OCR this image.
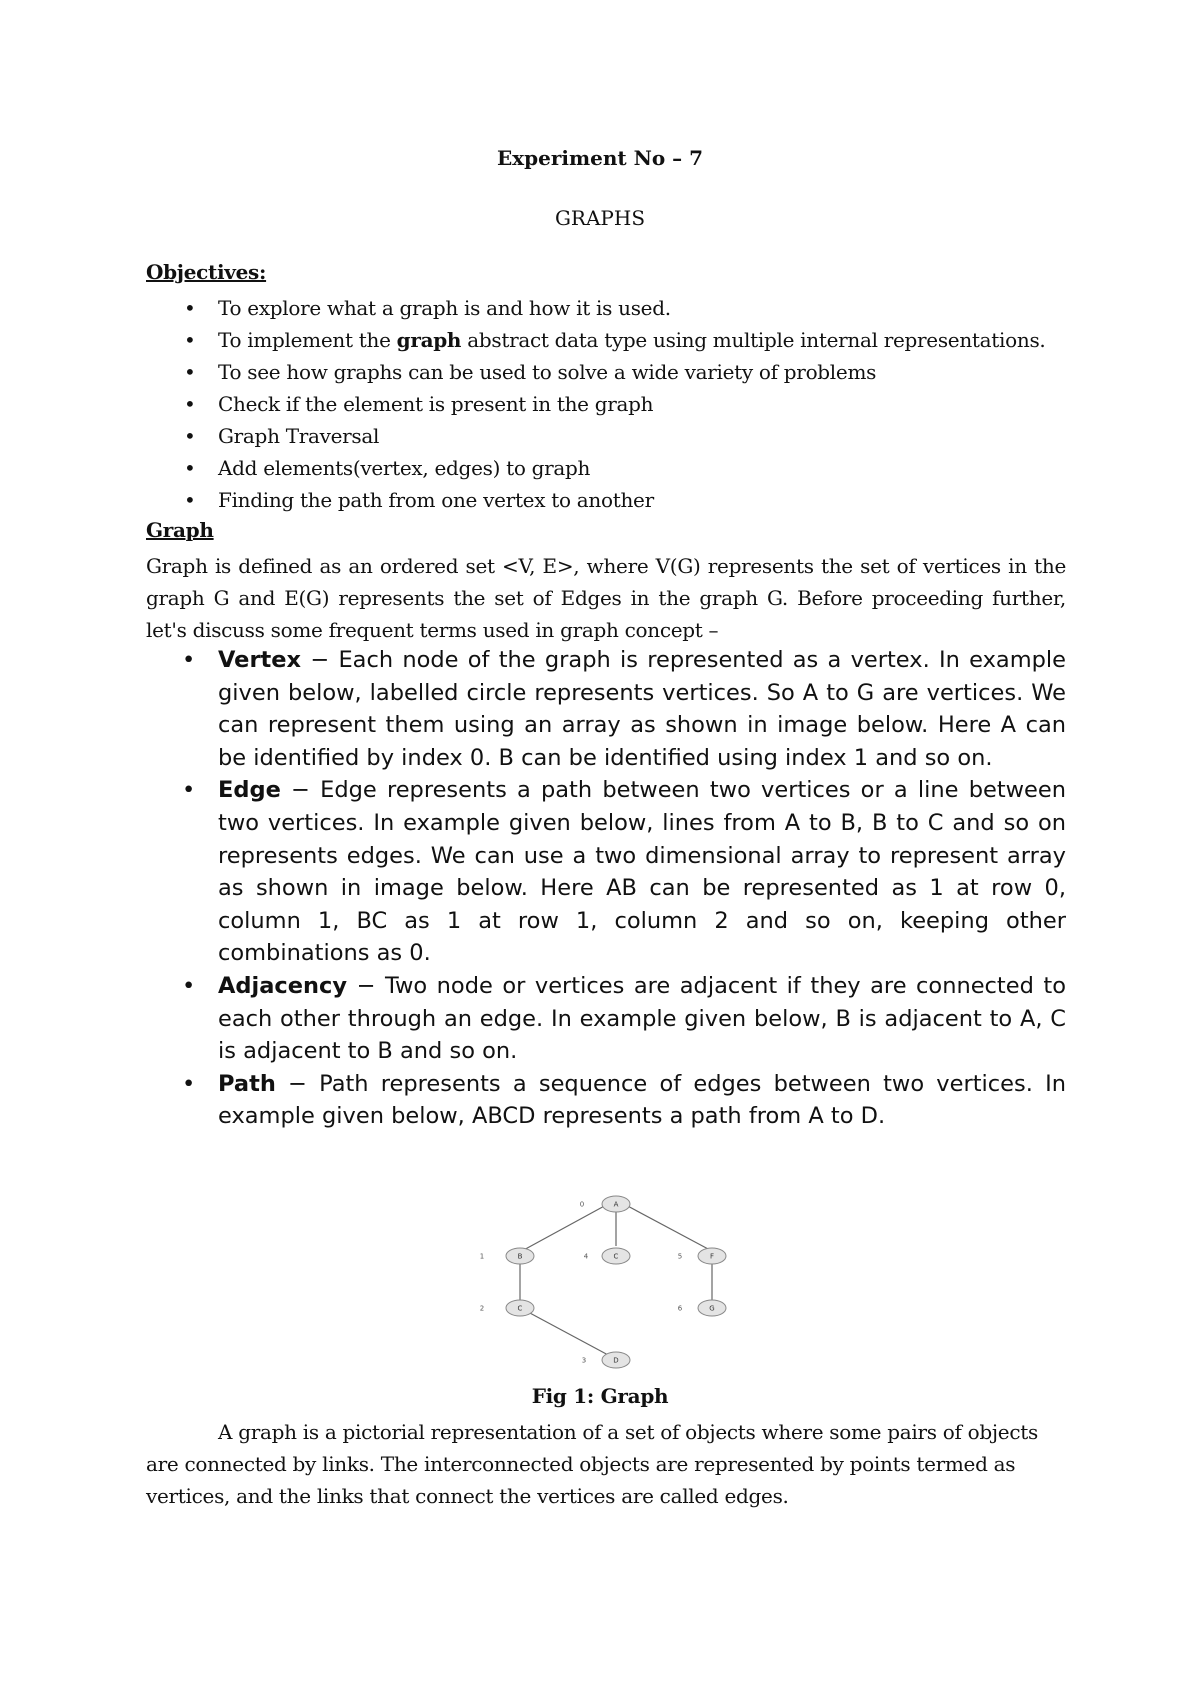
Experiment No – 7
GRAPHS
Objectives:
• To explore what a graph is and how it is used.
• To implement the graph abstract data type using multiple internal representations.
• To see how graphs can be used to solve a wide variety of problems
• Check if the element is present in the graph
• Graph Traversal
• Add elements(vertex, edges) to graph
• Finding the path from one vertex to another
Graph

Graph is defined as an ordered set <V, E>, where V(G) represents the set of vertices in the graph G and E(G) represents the set of Edges in the graph G. Before proceeding further, let's discuss some frequent terms used in graph concept –

• Vertex − Each node of the graph is represented as a vertex. In example given below, labelled circle represents vertices. So A to G are vertices. We can represent them using an array as shown in image below. Here A can be identified by index 0. B can be identified using index 1 and so on.
• Edge − Edge represents a path between two vertices or a line between two vertices. In example given below, lines from A to B, B to C and so on represents edges. We can use a two dimensional array to represent array as shown in image below. Here AB can be represented as 1 at row 0, column 1, BC as 1 at row 1, column 2 and so on, keeping other combinations as 0.
• Adjacency − Two node or vertices are adjacent if they are connected to each other through an edge. In example given below, B is adjacent to A, C is adjacent to B and so on.
• Path − Path represents a sequence of edges between two vertices. In example given below, ABCD represents a path from A to D.
A
0
B
1	C
4	F
5
C
2	G
6
D
3
Fig 1: Graph

A graph is a pictorial representation of a set of objects where some pairs of objects are connected by links. The interconnected objects are represented by points termed as vertices, and the links that connect the vertices are called edges.
